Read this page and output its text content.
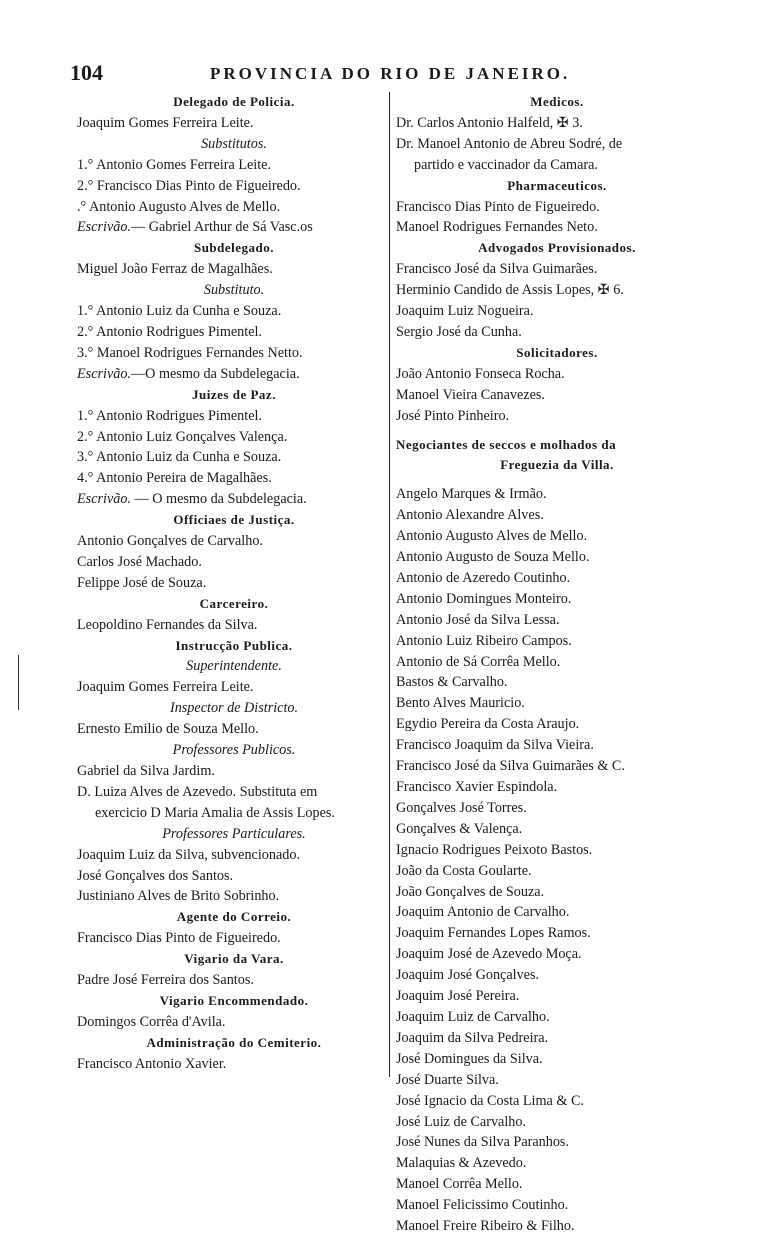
104	PROVINCIA DO RIO DE JANEIRO.
Delegado de Policia.
Joaquim Gomes Ferreira Leite.
Substitutos.
1.° Antonio Gomes Ferreira Leite.
2.° Francisco Dias Pinto de Figueiredo.
.° Antonio Augusto Alves de Mello.
Escrivão.— Gabriel Arthur de Sá Vasc.os
Subdelegado.
Miguel João Ferraz de Magalhães.
Substituto.
1.° Antonio Luiz da Cunha e Souza.
2.° Antonio Rodrigues Pimentel.
3.° Manoel Rodrigues Fernandes Netto.
Escrivão.—O mesmo da Subdelegacia.
Juizes de Paz.
1.° Antonio Rodrigues Pimentel.
2.° Antonio Luiz Gonçalves Valença.
3.° Antonio Luiz da Cunha e Souza.
4.° Antonio Pereira de Magalhães.
Escrivão. — O mesmo da Subdelegacia.
Officiaes de Justiça.
Antonio Gonçalves de Carvalho.
Carlos José Machado.
Felippe José de Souza.
Carcereiro.
Leopoldino Fernandes da Silva.
Instrucção Publica.
Superintendente.
Joaquim Gomes Ferreira Leite.
Inspector de Districto.
Ernesto Emilio de Souza Mello.
Professores Publicos.
Gabriel da Silva Jardim.
D. Luiza Alves de Azevedo. Substituta em
exercicio D Maria Amalia de Assis Lopes.
Professores Particulares.
Joaquim Luiz da Silva, subvencionado.
José Gonçalves dos Santos.
Justiniano Alves de Brito Sobrinho.
Agente do Correio.
Francisco Dias Pinto de Figueiredo.
Vigario da Vara.
Padre José Ferreira dos Santos.
Vigario Encommendado.
Domingos Corrêa d'Avila.
Administração do Cemiterio.
Francisco Antonio Xavier.
Medicos.
Dr. Carlos Antonio Halfeld, ✠ 3.
Dr. Manoel Antonio de Abreu Sodré, de
partido e vaccinador da Camara.
Pharmaceuticos.
Francisco Dias Pinto de Figueiredo.
Manoel Rodrigues Fernandes Neto.
Advogados Provisionados.
Francisco José da Silva Guimarães.
Herminio Candido de Assis Lopes, ✠ 6.
Joaquim Luiz Nogueira.
Sergio José da Cunha.
Solicitadores.
João Antonio Fonseca Rocha.
Manoel Vieira Canavezes.
José Pinto Pinheiro.
Negociantes de seccos e molhados da
Freguezia da Villa.
Angelo Marques & Irmão.
Antonio Alexandre Alves.
Antonio Augusto Alves de Mello.
Antonio Augusto de Souza Mello.
Antonio de Azeredo Coutinho.
Antonio Domingues Monteiro.
Antonio José da Silva Lessa.
Antonio Luiz Ribeiro Campos.
Antonio de Sá Corrêa Mello.
Bastos & Carvalho.
Bento Alves Mauricio.
Egydio Pereira da Costa Araujo.
Francisco Joaquim da Silva Vieira.
Francisco José da Silva Guimarães & C.
Francisco Xavier Espindola.
Gonçalves José Torres.
Gonçalves & Valença.
Ignacio Rodrigues Peixoto Bastos.
João da Costa Goularte.
João Gonçalves de Souza.
Joaquim Antonio de Carvalho.
Joaquim Fernandes Lopes Ramos.
Joaquim José de Azevedo Moça.
Joaquim José Gonçalves.
Joaquim José Pereira.
Joaquim Luiz de Carvalho.
Joaquim da Silva Pedreira.
José Domingues da Silva.
José Duarte Silva.
José Ignacio da Costa Lima & C.
José Luiz de Carvalho.
José Nunes da Silva Paranhos.
Malaquias & Azevedo.
Manoel Corrêa Mello.
Manoel Felicissimo Coutinho.
Manoel Freire Ribeiro & Filho.
